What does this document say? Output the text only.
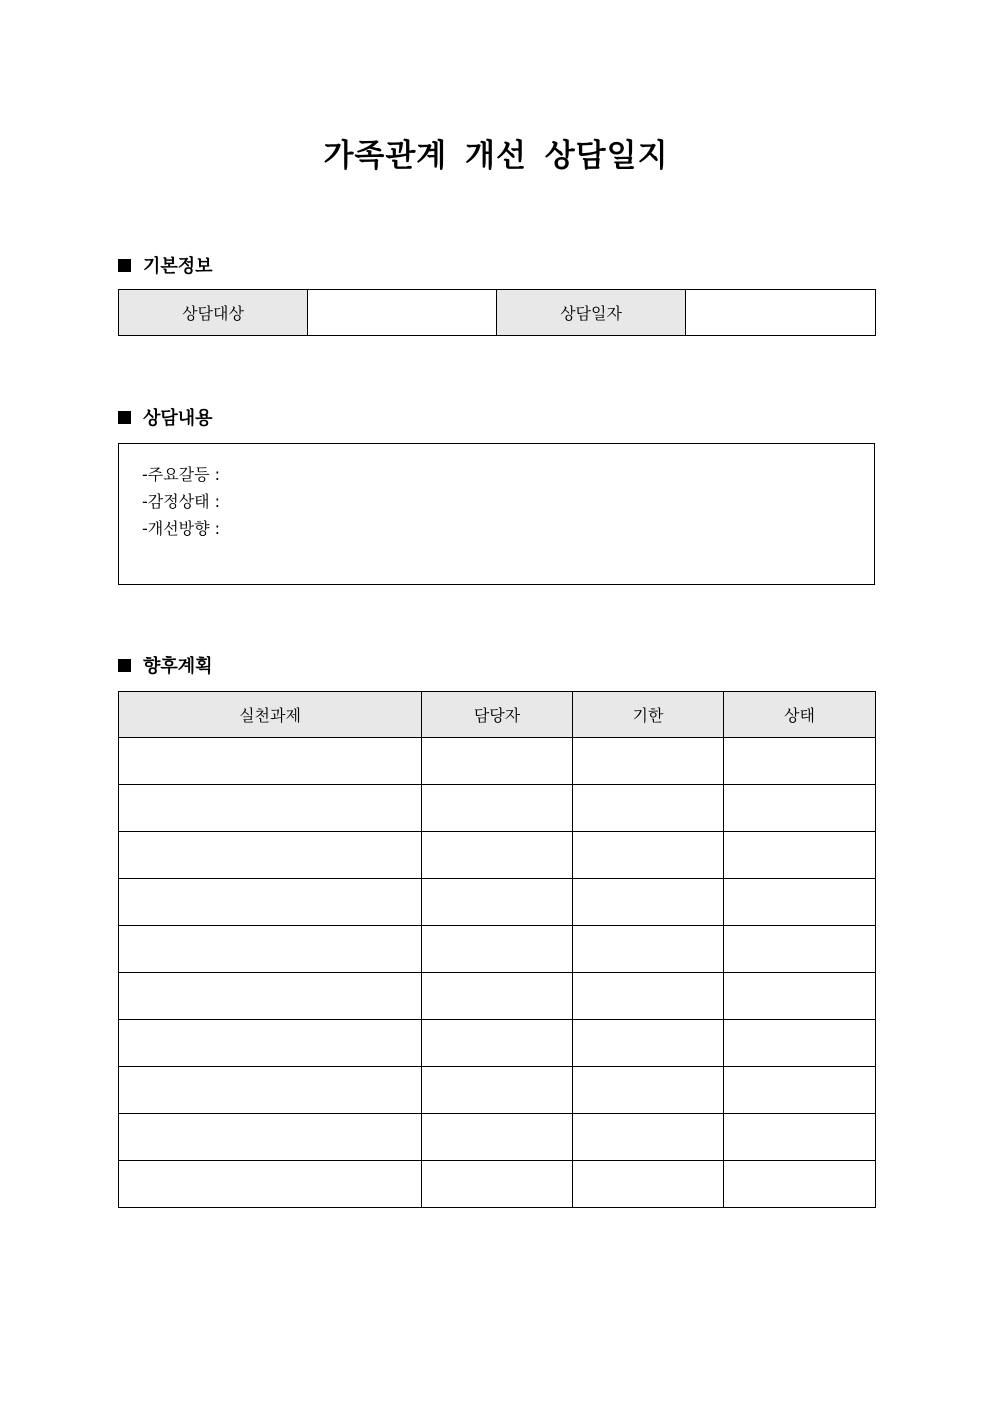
가족관계 개선 상담일지
기본정보
상담대상		상담일자	
상담내용
-주요갈등 :
-감정상태 :
-개선방향 :
향후계획
실천과제	담당자	기한	상태
